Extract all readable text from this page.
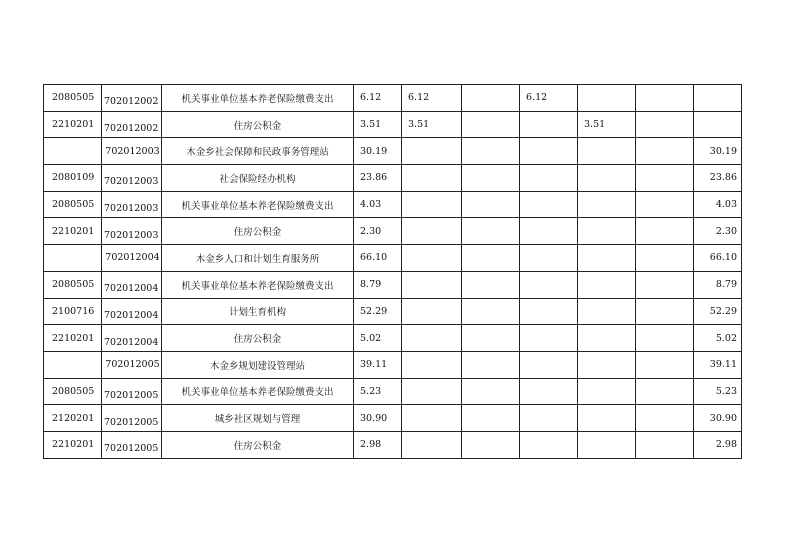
2080505	702012002	机关事业单位基本养老保险缴费支出	6.12	6.12		6.12			
2210201	702012002	住房公积金	3.51	3.51			3.51		

	702012003	木金乡社会保障和民政事务管理站	30.19						30.19
2080109	702012003	社会保险经办机构	23.86						23.86
2080505	702012003	机关事业单位基本养老保险缴费支出	4.03						4.03
2210201	702012003	住房公积金	2.30						2.30

	702012004	木金乡人口和计划生育服务所	66.10						66.10
2080505	702012004	机关事业单位基本养老保险缴费支出	8.79						8.79
2100716	702012004	计划生育机构	52.29						52.29
2210201	702012004	住房公积金	5.02						5.02

	702012005	木金乡规划建设管理站	39.11						39.11
2080505	702012005	机关事业单位基本养老保险缴费支出	5.23						5.23
2120201	702012005	城乡社区规划与管理	30.90						30.90
2210201	702012005	住房公积金	2.98						2.98
